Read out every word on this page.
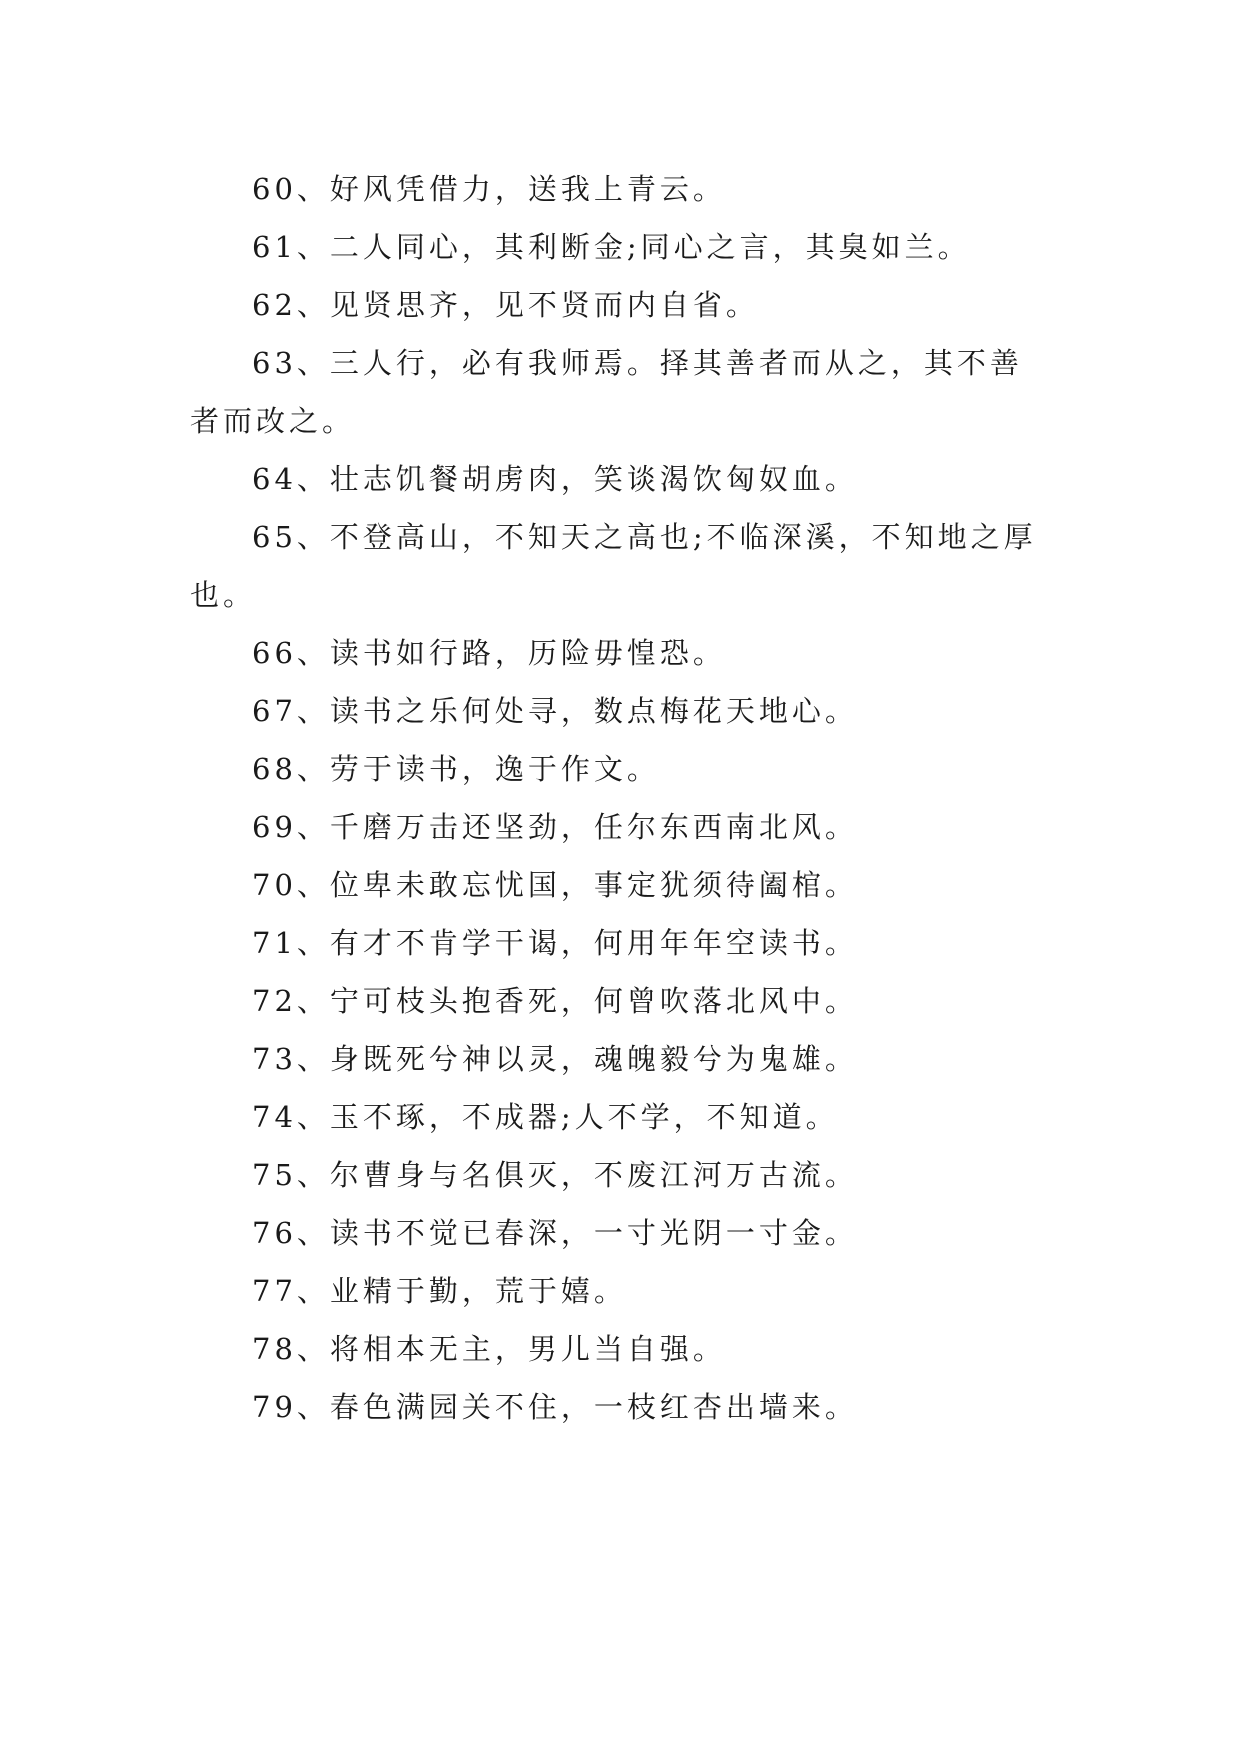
60、好风凭借力，送我上青云。

61、二人同心，其利断金;同心之言，其臭如兰。

62、见贤思齐，见不贤而内自省。

63、三人行，必有我师焉。择其善者而从之，其不善者而改之。

64、壮志饥餐胡虏肉，笑谈渴饮匈奴血。

65、不登高山，不知天之高也;不临深溪，不知地之厚也。

66、读书如行路，历险毋惶恐。

67、读书之乐何处寻，数点梅花天地心。

68、劳于读书，逸于作文。

69、千磨万击还坚劲，任尔东西南北风。

70、位卑未敢忘忧国，事定犹须待阖棺。

71、有才不肯学干谒，何用年年空读书。

72、宁可枝头抱香死，何曾吹落北风中。

73、身既死兮神以灵，魂魄毅兮为鬼雄。

74、玉不琢，不成器;人不学，不知道。

75、尔曹身与名俱灭，不废江河万古流。

76、读书不觉已春深，一寸光阴一寸金。

77、业精于勤，荒于嬉。

78、将相本无主，男儿当自强。

79、春色满园关不住，一枝红杏出墙来。
